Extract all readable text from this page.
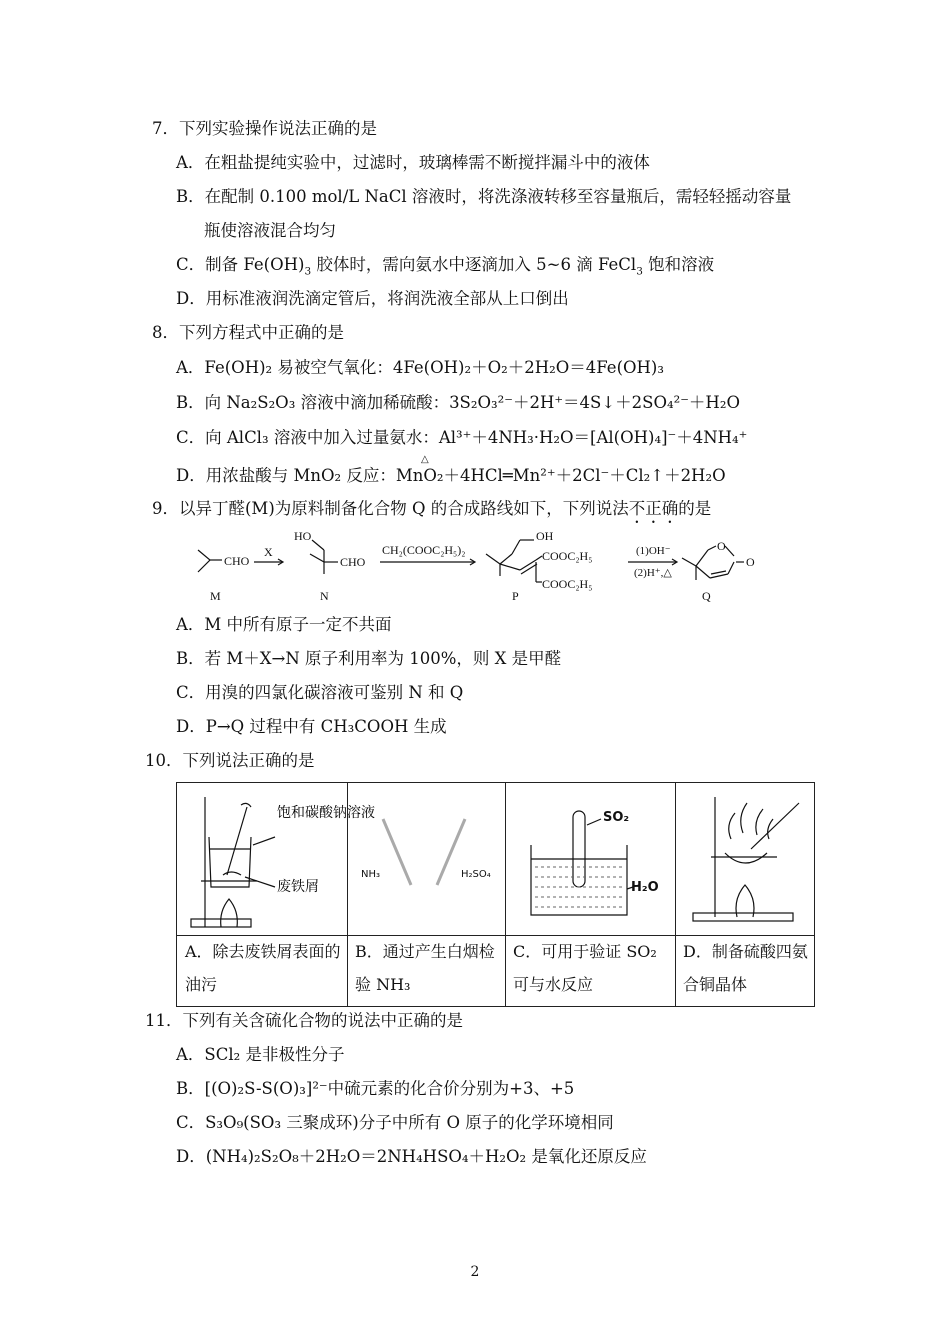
7．下列实验操作说法正确的是
A．在粗盐提纯实验中，过滤时，玻璃棒需不断搅拌漏斗中的液体
B．在配制 0.100 mol/L NaCl 溶液时，将洗涤液转移至容量瓶后，需轻轻摇动容量
瓶使溶液混合均匀
C．制备 $Fe(OH)_3$ 胶体时，需向氨水中逐滴加入 5~6 滴 FeCl$_3$ 饱和溶液
D．用标准液润洗滴定管后，将润洗液全部从上口倒出
8．下列方程式中正确的是
A．Fe(OH)₂ 易被空气氧化：4Fe(OH)₂＋O₂＋2H₂O＝4Fe(OH)₃
B．向 Na₂S₂O₃ 溶液中滴加稀硫酸：3S₂O₃²⁻＋2H⁺＝4S↓＋2SO₄²⁻＋H₂O
C．向 AlCl₃ 溶液中加入过量氨水：Al³⁺＋4NH₃·H₂O＝[Al(OH)₄]⁻＋4NH₄⁺
D．用浓盐酸与 MnO₂ 反应：MnO₂＋4HCl═Mn²⁺＋2Cl⁻＋Cl₂↑＋2H₂O
△
9．以异丁醛(M)为原料制备化合物 Q 的合成路线如下，下列说法不正确的是
CHO
X
HO
CHO
CH₂(COOC₂H₅)₂
OH
COOC₂H₅
COOC₂H₅
(1)OH⁻
(2)H⁺,△
O
O
M	N	P	Q
A．M 中所有原子一定不共面
B．若 M＋X→N 原子利用率为 100%，则 X 是甲醛
C．用溴的四氯化碳溶液可鉴别 N 和 Q
D．P→Q 过程中有 CH₃COOH 生成
10．下列说法正确的是
饱和碳酸钠溶液
废铁屑
NH₃	H₂SO₄
SO₂
H₂O
A．除去废铁屑表面的油污
B．通过产生白烟检验 NH₃
C．可用于验证 SO₂ 可与水反应
D．制备硫酸四氨合铜晶体
11．下列有关含硫化合物的说法中正确的是
A．SCl₂ 是非极性分子
B．[(O)₂S-S(O)₃]²⁻中硫元素的化合价分别为+3、+5
C．S₃O₉(SO₃ 三聚成环)分子中所有 O 原子的化学环境相同
D．(NH₄)₂S₂O₈＋2H₂O＝2NH₄HSO₄＋H₂O₂ 是氧化还原反应
2
